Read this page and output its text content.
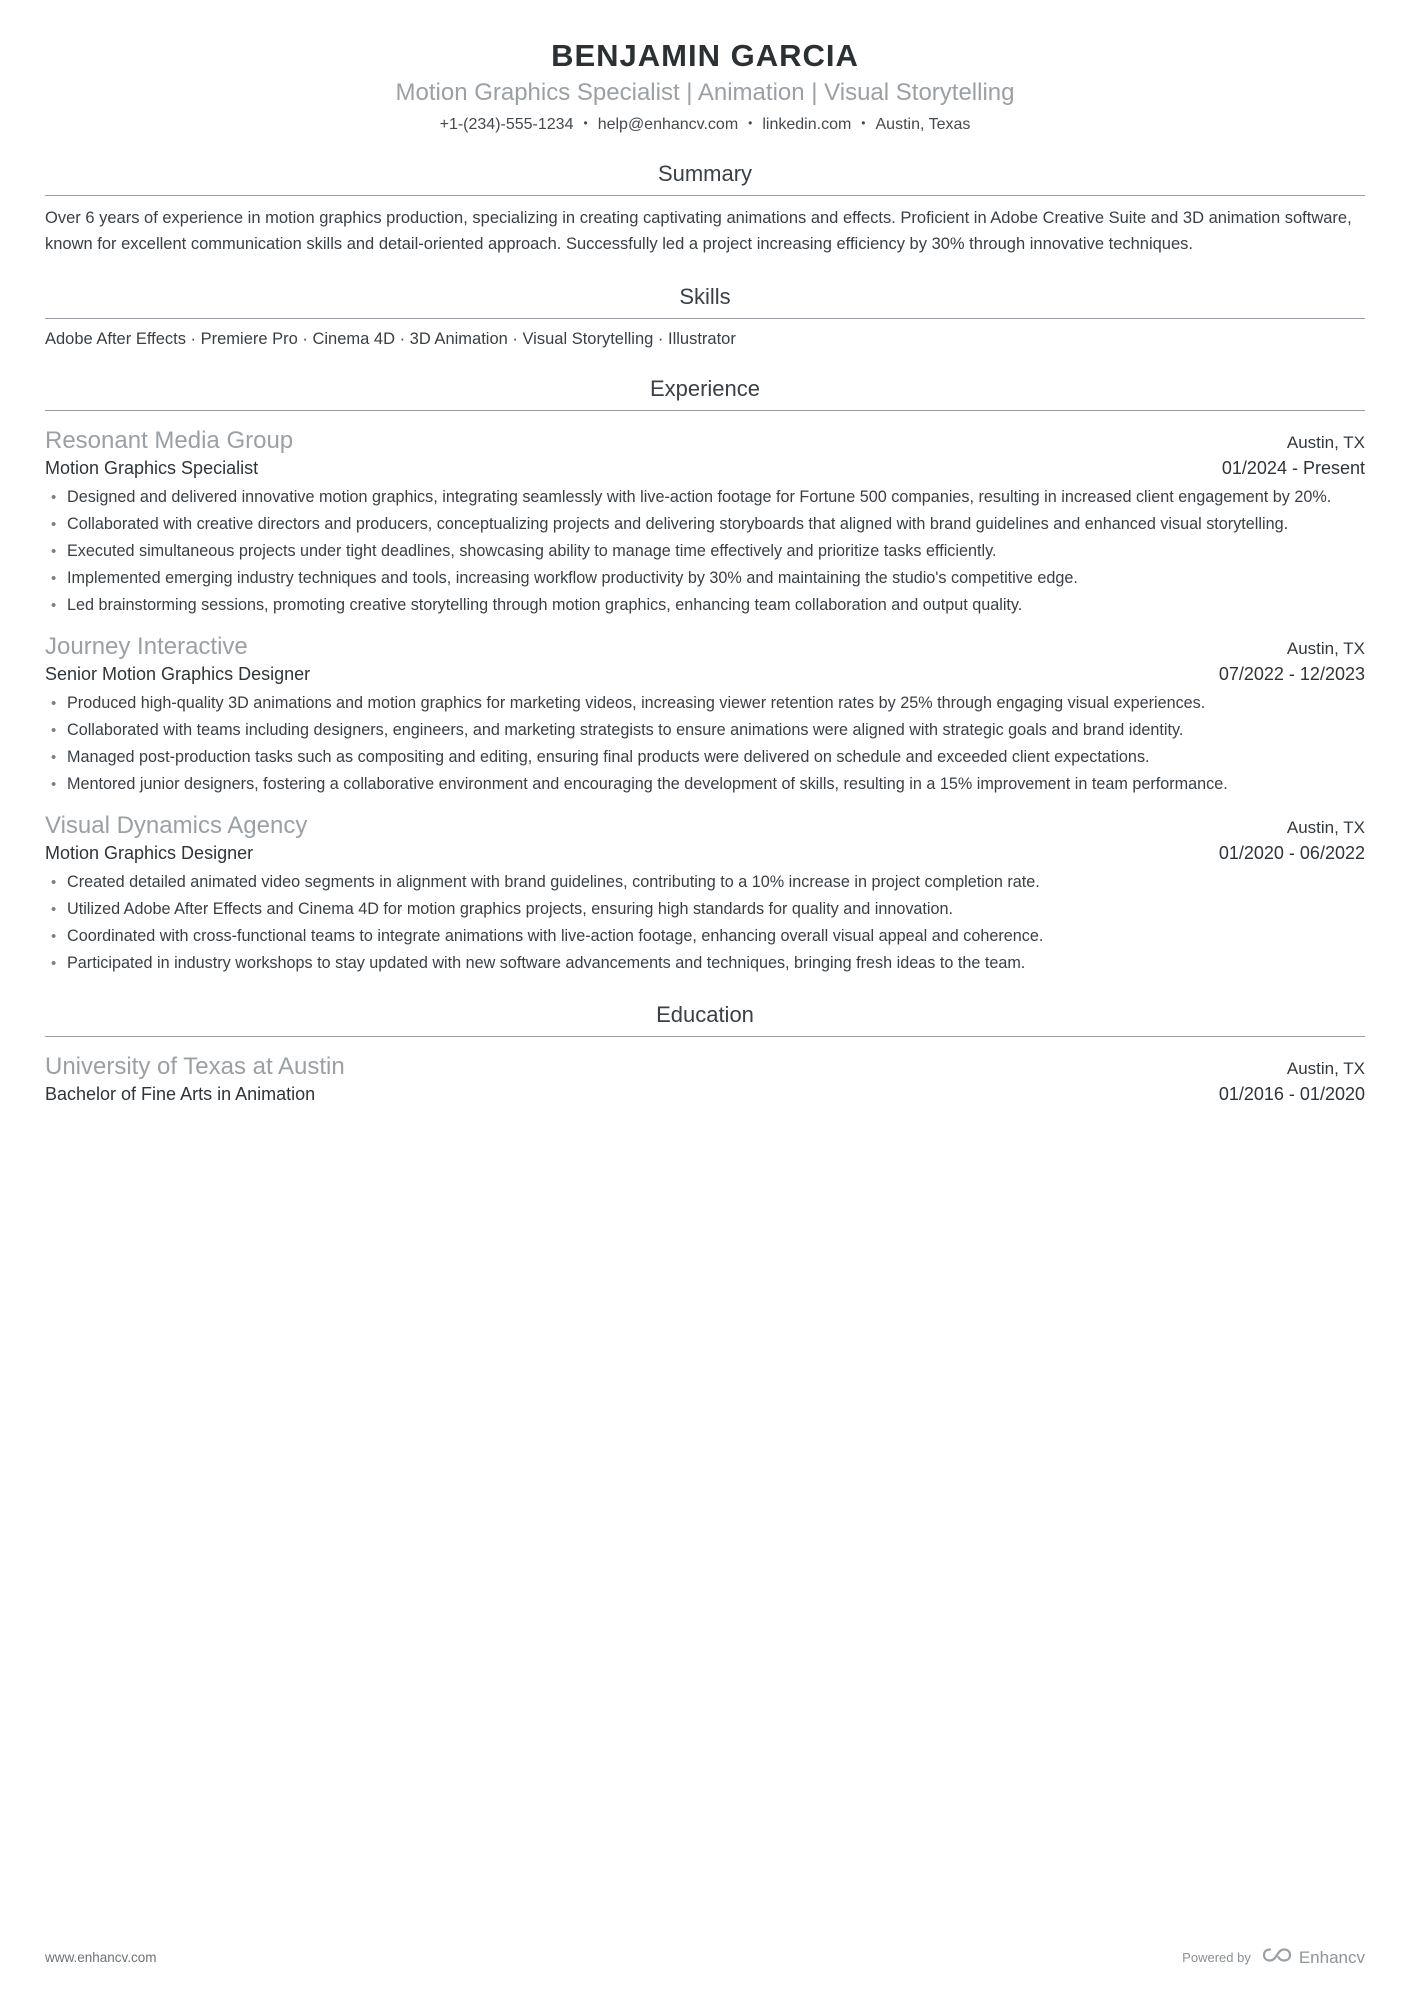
BENJAMIN GARCIA
Motion Graphics Specialist | Animation | Visual Storytelling
+1-(234)-555-1234 • help@enhancv.com • linkedin.com • Austin, Texas
Summary

Over 6 years of experience in motion graphics production, specializing in creating captivating animations and effects. Proficient in Adobe Creative Suite and 3D animation software, known for excellent communication skills and detail-oriented approach. Successfully led a project increasing efficiency by 30% through innovative techniques.

Skills

Adobe After Effects · Premiere Pro · Cinema 4D · 3D Animation · Visual Storytelling · Illustrator

Experience
Resonant Media Group	Austin, TX
Motion Graphics Specialist	01/2024 - Present
• Designed and delivered innovative motion graphics, integrating seamlessly with live-action footage for Fortune 500 companies, resulting in increased client engagement by 20%.
• Collaborated with creative directors and producers, conceptualizing projects and delivering storyboards that aligned with brand guidelines and enhanced visual storytelling.
• Executed simultaneous projects under tight deadlines, showcasing ability to manage time effectively and prioritize tasks efficiently.
• Implemented emerging industry techniques and tools, increasing workflow productivity by 30% and maintaining the studio's competitive edge.
• Led brainstorming sessions, promoting creative storytelling through motion graphics, enhancing team collaboration and output quality.
Journey Interactive	Austin, TX
Senior Motion Graphics Designer	07/2022 - 12/2023
• Produced high-quality 3D animations and motion graphics for marketing videos, increasing viewer retention rates by 25% through engaging visual experiences.
• Collaborated with teams including designers, engineers, and marketing strategists to ensure animations were aligned with strategic goals and brand identity.
• Managed post-production tasks such as compositing and editing, ensuring final products were delivered on schedule and exceeded client expectations.
• Mentored junior designers, fostering a collaborative environment and encouraging the development of skills, resulting in a 15% improvement in team performance.
Visual Dynamics Agency	Austin, TX
Motion Graphics Designer	01/2020 - 06/2022
• Created detailed animated video segments in alignment with brand guidelines, contributing to a 10% increase in project completion rate.
• Utilized Adobe After Effects and Cinema 4D for motion graphics projects, ensuring high standards for quality and innovation.
• Coordinated with cross-functional teams to integrate animations with live-action footage, enhancing overall visual appeal and coherence.
• Participated in industry workshops to stay updated with new software advancements and techniques, bringing fresh ideas to the team.
Education
University of Texas at Austin	Austin, TX
Bachelor of Fine Arts in Animation	01/2016 - 01/2020
www.enhancv.com	Powered by	Enhancv
